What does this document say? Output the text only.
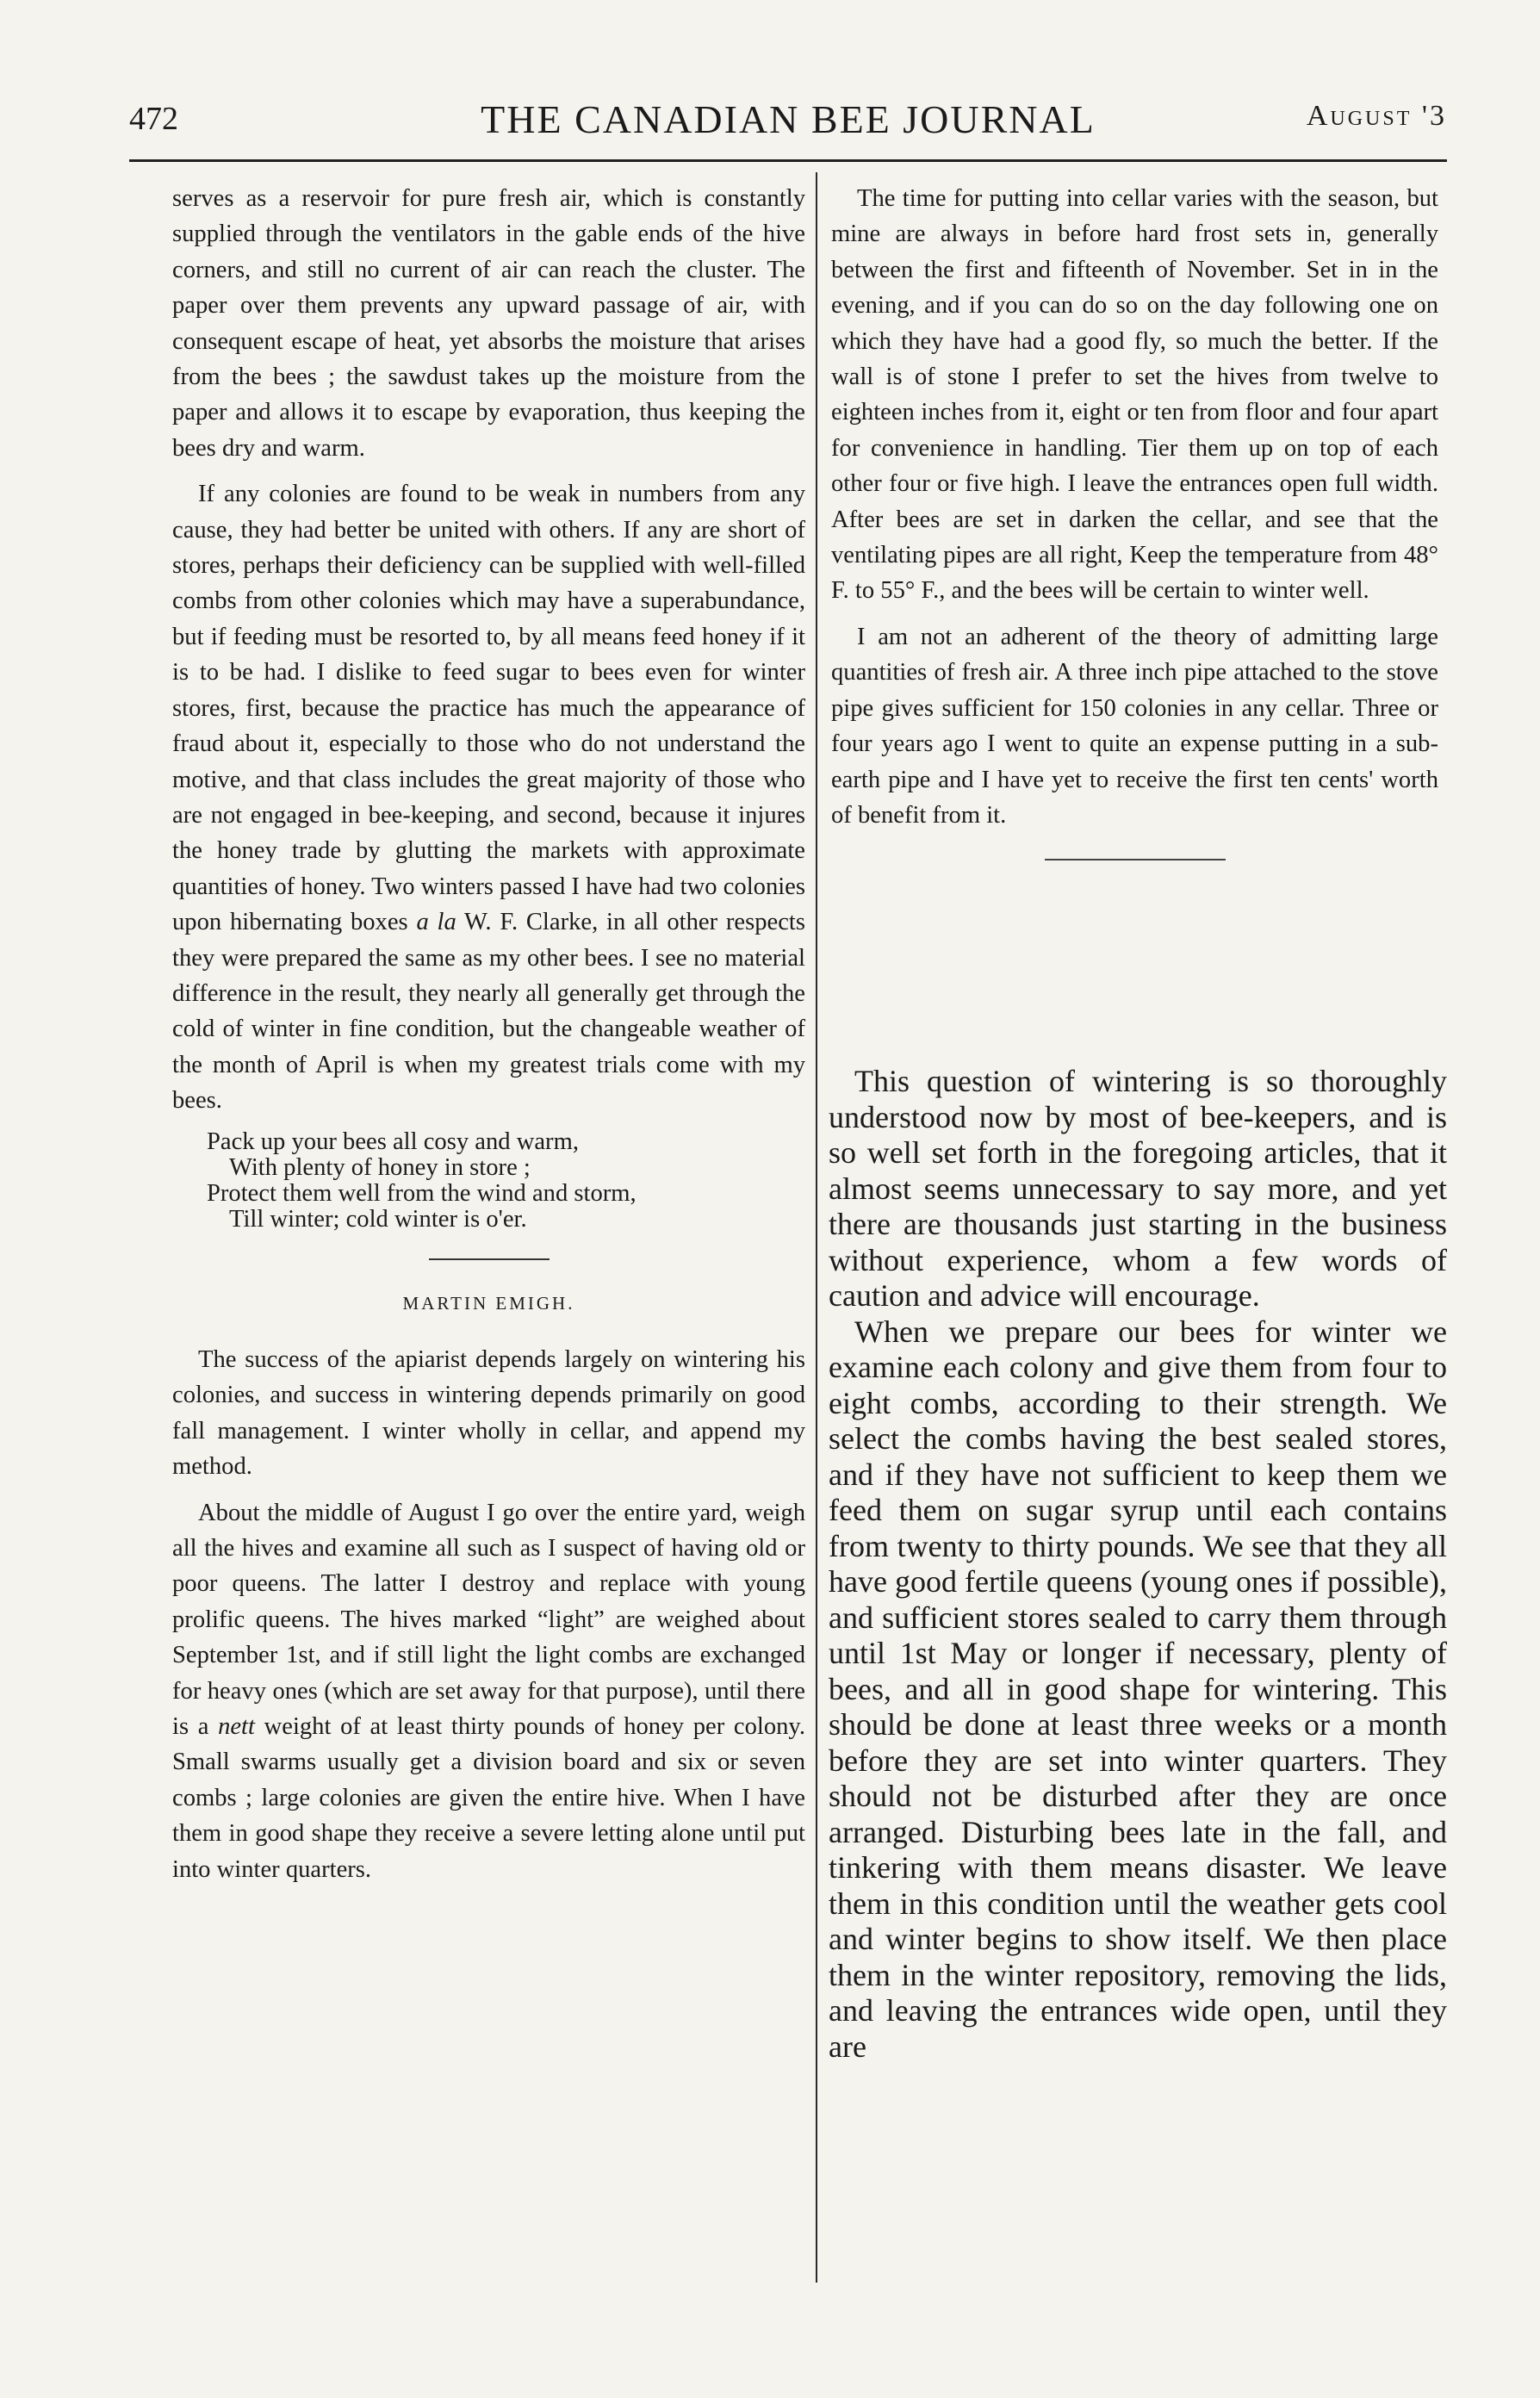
472	THE CANADIAN BEE JOURNAL	August '3

serves as a reservoir for pure fresh air, which is constantly supplied through the ventilators in the gable ends of the hive corners, and still no current of air can reach the cluster. The paper over them prevents any upward passage of air, with consequent escape of heat, yet absorbs the moisture that arises from the bees ; the sawdust takes up the moisture from the paper and allows it to escape by evaporation, thus keeping the bees dry and warm.

If any colonies are found to be weak in numbers from any cause, they had better be united with others. If any are short of stores, perhaps their deficiency can be supplied with well-filled combs from other colonies which may have a superabundance, but if feeding must be resorted to, by all means feed honey if it is to be had. I dislike to feed sugar to bees even for winter stores, first, because the practice has much the appearance of fraud about it, especially to those who do not understand the motive, and that class includes the great majority of those who are not engaged in bee-keeping, and second, because it injures the honey trade by glutting the markets with approximate quantities of honey. Two winters passed I have had two colonies upon hibernating boxes a la W. F. Clarke, in all other respects they were prepared the same as my other bees. I see no material difference in the result, they nearly all generally get through the cold of winter in fine condition, but the changeable weather of the month of April is when my greatest trials come with my bees.

Pack up your bees all cosy and warm,
With plenty of honey in store ;
Protect them well from the wind and storm,
Till winter; cold winter is o'er.
MARTIN EMIGH.

The success of the apiarist depends largely on wintering his colonies, and success in wintering depends primarily on good fall management. I winter wholly in cellar, and append my method.

About the middle of August I go over the entire yard, weigh all the hives and examine all such as I suspect of having old or poor queens. The latter I destroy and replace with young prolific queens. The hives marked “light” are weighed about September 1st, and if still light the light combs are exchanged for heavy ones (which are set away for that purpose), until there is a nett weight of at least thirty pounds of honey per colony. Small swarms usually get a division board and six or seven combs ; large colonies are given the entire hive. When I have them in good shape they receive a severe letting alone until put into winter quarters.

The time for putting into cellar varies with the season, but mine are always in before hard frost sets in, generally between the first and fifteenth of November. Set in in the evening, and if you can do so on the day following one on which they have had a good fly, so much the better. If the wall is of stone I prefer to set the hives from twelve to eighteen inches from it, eight or ten from floor and four apart for convenience in handling. Tier them up on top of each other four or five high. I leave the entrances open full width. After bees are set in darken the cellar, and see that the ventilating pipes are all right, Keep the temperature from 48° F. to 55° F., and the bees will be certain to winter well.

I am not an adherent of the theory of admitting large quantities of fresh air. A three inch pipe attached to the stove pipe gives sufficient for 150 colonies in any cellar. Three or four years ago I went to quite an expense putting in a sub-earth pipe and I have yet to receive the first ten cents' worth of benefit from it.

This question of wintering is so thoroughly understood now by most of bee-keepers, and is so well set forth in the foregoing articles, that it almost seems unnecessary to say more, and yet there are thousands just starting in the business without experience, whom a few words of caution and advice will encourage.

When we prepare our bees for winter we examine each colony and give them from four to eight combs, according to their strength. We select the combs having the best sealed stores, and if they have not sufficient to keep them we feed them on sugar syrup until each contains from twenty to thirty pounds. We see that they all have good fertile queens (young ones if possible), and sufficient stores sealed to carry them through until 1st May or longer if necessary, plenty of bees, and all in good shape for wintering. This should be done at least three weeks or a month before they are set into winter quarters. They should not be disturbed after they are once arranged. Disturbing bees late in the fall, and tinkering with them means disaster. We leave them in this condition until the weather gets cool and winter begins to show itself. We then place them in the winter repository, removing the lids, and leaving the entrances wide open, until they are
